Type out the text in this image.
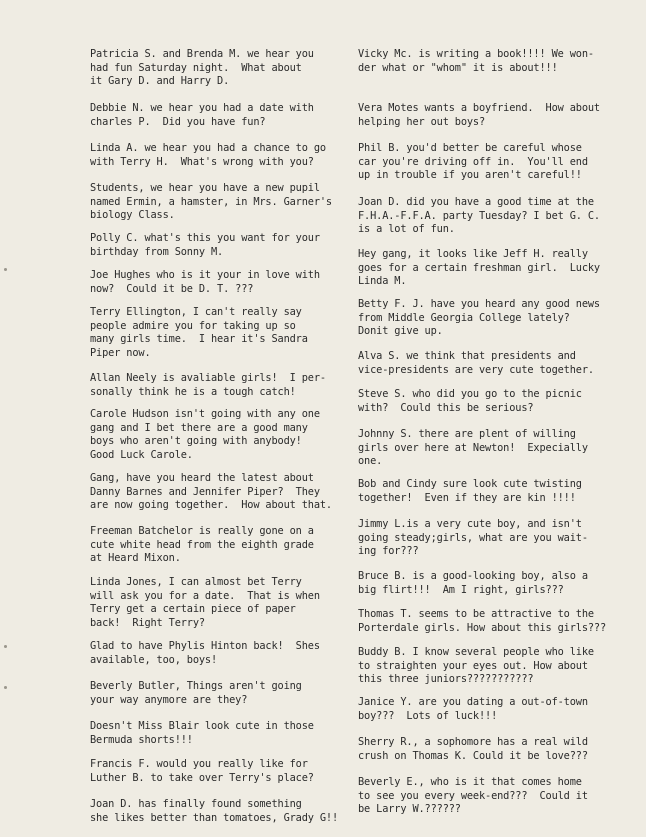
Patricia S. and Brenda M. we hear you
had fun Saturday night.  What about
it Gary D. and Harry D.
Debbie N. we hear you had a date with
charles P.  Did you have fun?
Linda A. we hear you had a chance to go
with Terry H.  What's wrong with you?
Students, we hear you have a new pupil
named Ermin, a hamster, in Mrs. Garner's
biology Class.
Polly C. what's this you want for your
birthday from Sonny M.
Joe Hughes who is it your in love with
now?  Could it be D. T. ???
Terry Ellington, I can't really say
people admire you for taking up so
many girls time.  I hear it's Sandra
Piper now.
Allan Neely is avaliable girls!  I per-
sonally think he is a tough catch!
Carole Hudson isn't going with any one
gang and I bet there are a good many
boys who aren't going with anybody!
Good Luck Carole.
Gang, have you heard the latest about
Danny Barnes and Jennifer Piper?  They
are now going together.  How about that.
Freeman Batchelor is really gone on a
cute white head from the eighth grade
at Heard Mixon.
Linda Jones, I can almost bet Terry
will ask you for a date.  That is when
Terry get a certain piece of paper
back!  Right Terry?
Glad to have Phylis Hinton back!  Shes
available, too, boys!
Beverly Butler, Things aren't going
your way anymore are they?
Doesn't Miss Blair look cute in those
Bermuda shorts!!!
Francis F. would you really like for
Luther B. to take over Terry's place?
Joan D. has finally found something
she likes better than tomatoes, Grady G!!
Vicky Mc. is writing a book!!!! We won-
der what or "whom" it is about!!!
Vera Motes wants a boyfriend.  How about
helping her out boys?
Phil B. you'd better be careful whose
car you're driving off in.  You'll end
up in trouble if you aren't careful!!
Joan D. did you have a good time at the
F.H.A.-F.F.A. party Tuesday? I bet G. C.
is a lot of fun.
Hey gang, it looks like Jeff H. really
goes for a certain freshman girl.  Lucky
Linda M.
Betty F. J. have you heard any good news
from Middle Georgia College lately?
Donit give up.
Alva S. we think that presidents and
vice-presidents are very cute together.
Steve S. who did you go to the picnic
with?  Could this be serious?
Johnny S. there are plent of willing
girls over here at Newton!  Expecially
one.
Bob and Cindy sure look cute twisting
together!  Even if they are kin !!!!
Jimmy L.is a very cute boy, and isn't
going steady;girls, what are you wait-
ing for???
Bruce B. is a good-looking boy, also a
big flirt!!!  Am I right, girls???
Thomas T. seems to be attractive to the
Porterdale girls. How about this girls???
Buddy B. I know several people who like
to straighten your eyes out. How about
this three juniors???????????
Janice Y. are you dating a out-of-town
boy???  Lots of luck!!!
Sherry R., a sophomore has a real wild
crush on Thomas K. Could it be love???
Beverly E., who is it that comes home
to see you every week-end???  Could it
be Larry W.??????
